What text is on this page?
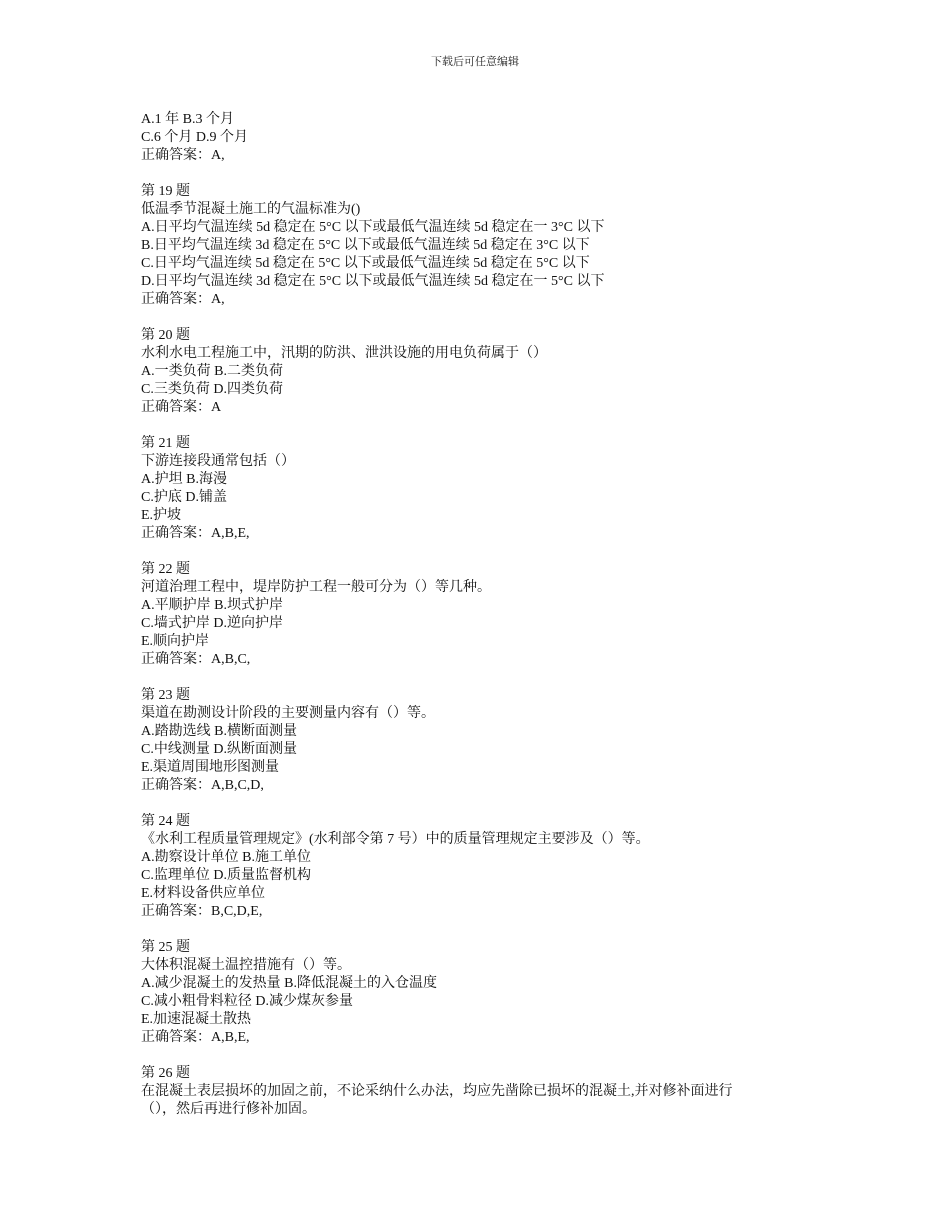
下载后可任意编辑
A.1 年 B.3 个月
C.6 个月 D.9 个月
正确答案：A,
第 19 题
低温季节混凝土施工的气温标准为()
A.日平均气温连续 5d 稳定在 5°C 以下或最低气温连续 5d 稳定在一 3°C 以下
B.日平均气温连续 3d 稳定在 5°C 以下或最低气温连续 5d 稳定在 3°C 以下
C.日平均气温连续 5d 稳定在 5°C 以下或最低气温连续 5d 稳定在 5°C 以下
D.日平均气温连续 3d 稳定在 5°C 以下或最低气温连续 5d 稳定在一 5°C 以下
正确答案：A,
第 20 题
水利水电工程施工中，汛期的防洪、泄洪设施的用电负荷属于（）
A.一类负荷 B.二类负荷
C.三类负荷 D.四类负荷
正确答案：A
第 21 题
下游连接段通常包括（）
A.护坦 B.海漫
C.护底 D.铺盖
E.护坡
正确答案：A,B,E,
第 22 题
河道治理工程中，堤岸防护工程一般可分为（）等几种。
A.平顺护岸 B.坝式护岸
C.墙式护岸 D.逆向护岸
E.顺向护岸
正确答案：A,B,C,
第 23 题
渠道在勘测设计阶段的主要测量内容有（）等。
A.踏勘选线 B.横断面测量
C.中线测量 D.纵断面测量
E.渠道周围地形图测量
正确答案：A,B,C,D,
第 24 题
《水利工程质量管理规定》(水利部令第 7 号）中的质量管理规定主要涉及（）等。
A.勘察设计单位 B.施工单位
C.监理单位 D.质量监督机构
E.材料设备供应单位
正确答案：B,C,D,E,
第 25 题
大体积混凝土温控措施有（）等。
A.减少混凝土的发热量 B.降低混凝土的入仓温度
C.减小粗骨料粒径 D.减少煤灰参量
E.加速混凝土散热
正确答案：A,B,E,
第 26 题
在混凝土表层损坏的加固之前，不论采纳什么办法，均应先凿除已损坏的混凝土,并对修补面进行
（），然后再进行修补加固。
